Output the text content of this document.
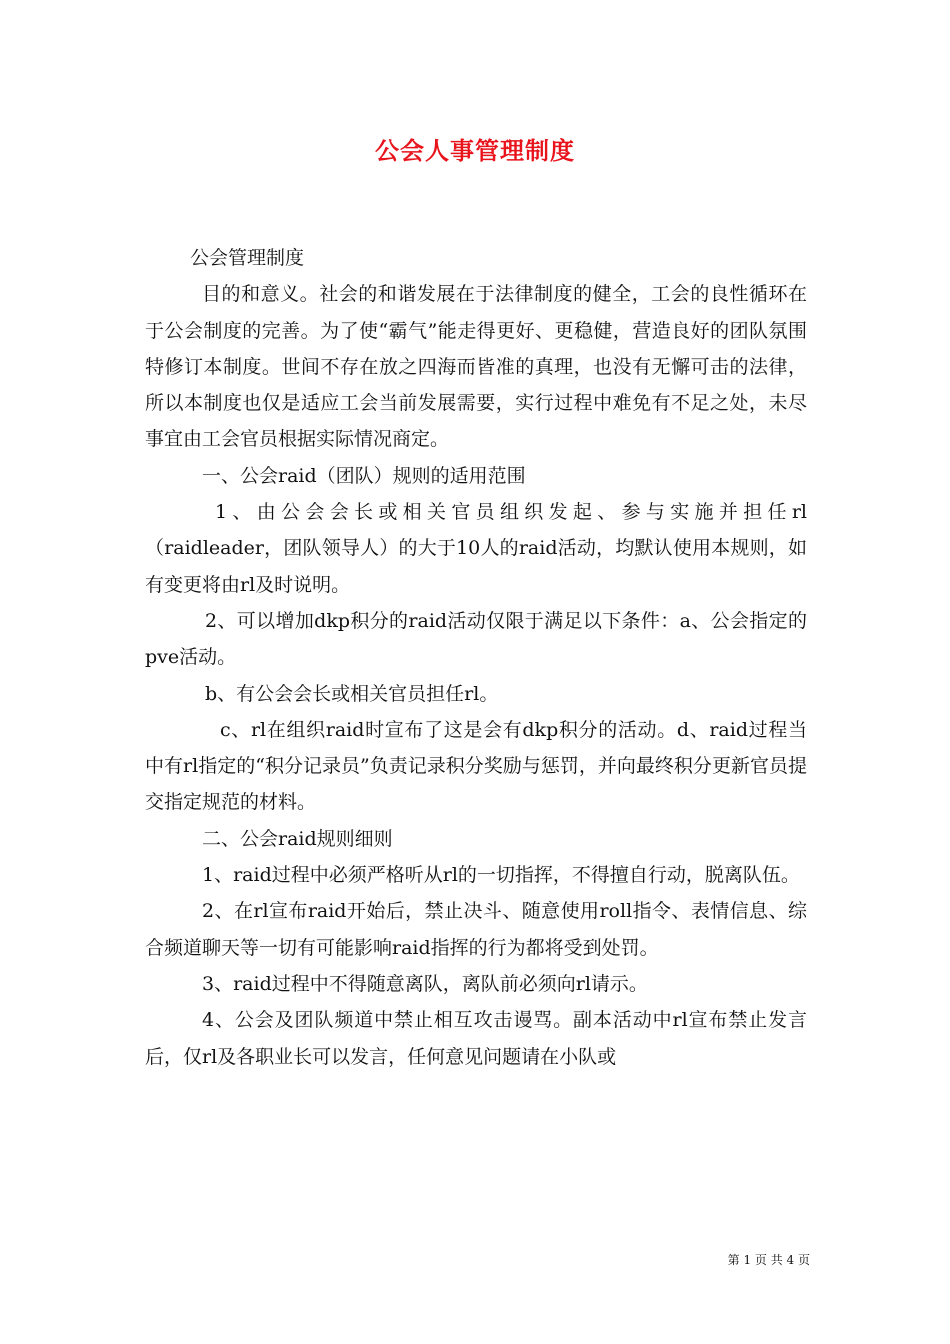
公会人事管理制度

公会管理制度

目的和意义。社会的和谐发展在于法律制度的健全，工会的良性循环在于公会制度的完善。为了使“霸气”能走得更好、更稳健，营造良好的团队氛围特修订本制度。世间不存在放之四海而皆准的真理，也没有无懈可击的法律，所以本制度也仅是适应工会当前发展需要，实行过程中难免有不足之处，未尽事宜由工会官员根据实际情况商定。

一、公会raid（团队）规则的适用范围

1、由公会会长或相关官员组织发起、参与实施并担任rl（raidleader，团队领导人）的大于10人的raid活动，均默认使用本规则，如有变更将由rl及时说明。

2、可以增加dkp积分的raid活动仅限于满足以下条件：a、公会指定的pve活动。

b、有公会会长或相关官员担任rl。

c、rl在组织raid时宣布了这是会有dkp积分的活动。d、raid过程当中有rl指定的“积分记录员”负责记录积分奖励与惩罚，并向最终积分更新官员提交指定规范的材料。

二、公会raid规则细则

1、raid过程中必须严格听从rl的一切指挥，不得擅自行动，脱离队伍。

2、在rl宣布raid开始后，禁止决斗、随意使用roll指令、表情信息、综合频道聊天等一切有可能影响raid指挥的行为都将受到处罚。

3、raid过程中不得随意离队，离队前必须向rl请示。

4、公会及团队频道中禁止相互攻击谩骂。副本活动中rl宣布禁止发言后，仅rl及各职业长可以发言，任何意见问题请在小队或

第 1 页 共 4 页
